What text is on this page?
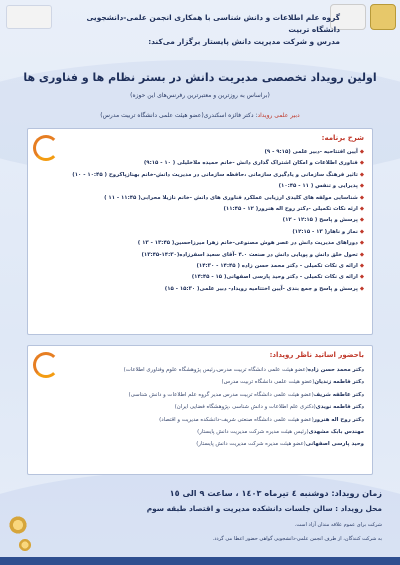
گروه علم اطلاعات و دانش شناسی با همکاری انجمن علمی-دانشجویی دانشگاه تربیت
مدرس و شرکت مدیریت دانش پایستار برگزار می‌کند:
اولین رویداد تخصصی مدیریت دانش در بستر نظام ها و فناوری ها
(براساس به روزترین و معتبرترین رفرنس‌های این حوزه)
دبیر علمی رویداد: دکتر فائزه اسکندری(عضو هیئت علمی دانشگاه تربیت مدرس)
شرح برنامه:
◆آیین افتتاحیه -دبیر علمی (۹:۱۵ - ۹)
◆فناوری اطلاعات و امکان اشتراک گذاری دانش -خانم حمیده ملاخلیلی ( ۱۰ - ۹:۱۵)
◆تاثیر فرهنگ سازمانی و یادگیری سازمانی ،حافظه سازمانی در مدیریت دانش-خانم بهنازپاکروح ( ۱۰:۴۵ - ۱۰)
◆پذیرایی و تنفس ( ۱۱ - ۱۰:۴۵)
◆شناسایی مولفه های کلیدی ارزیابی عملکرد فناوری های دانش -خانم نازیلا محرابی( ۱۱:۴۵ - ۱۱ )
◆ارئه نکات تکمیلی -دکتر روح اله هنرور( ۱۲ - ۱۱:۴۵)
◆پرسش و پاسخ ( ۱۲:۱۵ - ۱۲)
◆نماز و ناهار( ۱۳ - ۱۲:۱۵)
◆دوراهای مدیریت دانش در عصر هوش مصنوعی-خانم زهرا میرزاحسین( ۱۳:۴۵ - ۱۳ )
◆تحول خلق دانش و پویایی دانش در صنعت ۴.۰ -آقای سعید اسفرزاده(۱۴:۳۰-۱۳:۴۵)
◆ارائه ی نکات تکمیلی - دکتر محمد حسن زاده ( ۱۴:۴۵ - ۱۴:۳۰)
◆ارائه ی نکات تکمیلی - دکتر وحید پارسی اصفهانی( ۱۵ - ۱۴:۴۵)
◆پرسش و پاسخ و جمع بندی -آیین اختتامیه رویداد- دبیر علمی( ۱۵:۳۰ - ۱۵)
باحضور اساتید ناظر رویداد:
دکتر محمد حسن زاده(عضو هیئت علمی دانشگاه تربیت مدرس،رئیس پژوهشگاه علوم وفناوری اطلاعات)
دکتر فاطمه زندیان(عضو هیئت علمی دانشگاه تربیت مدرس)
دکتر عاطفه شریف(عضو هیئت علمی دانشگاه تربیت مدرس مدیر گروه علم اطلاعات و دانش شناسی)
دکتر فاطمه نویدی(دکتری علم اطلاعات و دانش شناسی ،پژوهشگاه فضایی ایران)
دکتر روح اله هنرور(عضو هیئت علمی دانشگاه صنعتی شریف-دانشکده مدیریت و اقتصاد)
مهندس بابک مشهدی(رئیس هیئت مدیره شرکت مدیریت دانش پایستار)
وحید پارسی اصفهانی(عضو هیئت مدیره شرکت مدیریت دانش پایستار)
زمان رویداد: دوشنبه ٤ تیرماه ١٤٠٣ ، ساعت ٩ الی ١٥
محل رویداد : سالن جلسات دانشکده مدیریت و اقتصاد طبقه سوم
شرکت برای عموم علاقه مندان آزاد است.
به شرکت کنندگان، از طرف انجمن علمی-دانشجویی گواهی حضور اعطا می گردد.
